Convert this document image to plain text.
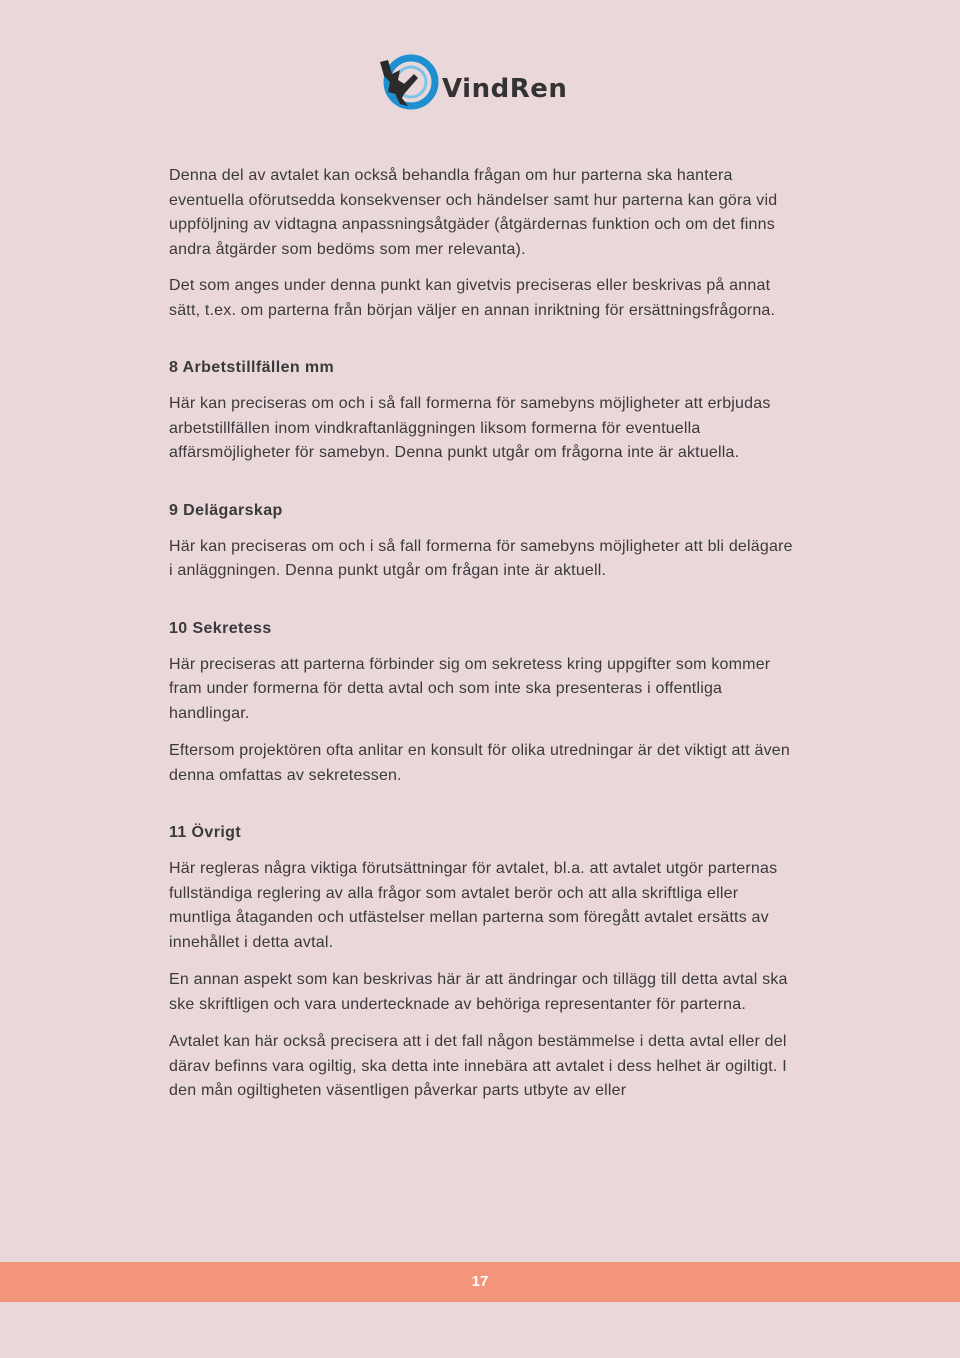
VindRen

Denna del av avtalet kan också behandla frågan om hur parterna ska hantera eventuella oförutsedda konsekvenser och händelser samt hur parterna kan göra vid uppföljning av vidtagna anpassningsåtgäder (åtgärdernas funktion och om det finns andra åtgärder som bedöms som mer relevanta).

Det som anges under denna punkt kan givetvis preciseras eller beskrivas på annat sätt, t.ex. om parterna från början väljer en annan inriktning för ersättningsfrågorna.

8 Arbetstillfällen mm

Här kan preciseras om och i så fall formerna för samebyns möjligheter att erbjudas arbetstillfällen inom vindkraftanläggningen liksom formerna för eventuella affärsmöjligheter för samebyn. Denna punkt utgår om frågorna inte är aktuella.

9 Delägarskap

Här kan preciseras om och i så fall formerna för samebyns möjligheter att bli delägare i anläggningen. Denna punkt utgår om frågan inte är aktuell.

10 Sekretess

Här preciseras att parterna förbinder sig om sekretess kring uppgifter som kommer fram under formerna för detta avtal och som inte ska presenteras i offentliga handlingar.

Eftersom projektören ofta anlitar en konsult för olika utredningar är det viktigt att även denna omfattas av sekretessen.

11 Övrigt

Här regleras några viktiga förutsättningar för avtalet, bl.a. att avtalet utgör parternas fullständiga reglering av alla frågor som avtalet berör och att alla skriftliga eller muntliga åtaganden och utfästelser mellan parterna som föregått avtalet ersätts av innehållet i detta avtal.

En annan aspekt som kan beskrivas här är att ändringar och tillägg till detta avtal ska ske skriftligen och vara undertecknade av behöriga representanter för parterna.

Avtalet kan här också precisera att i det fall någon bestämmelse i detta avtal eller del därav befinns vara ogiltig, ska detta inte innebära att avtalet i dess helhet är ogiltigt. I den mån ogiltigheten väsentligen påverkar parts utbyte av eller

17
